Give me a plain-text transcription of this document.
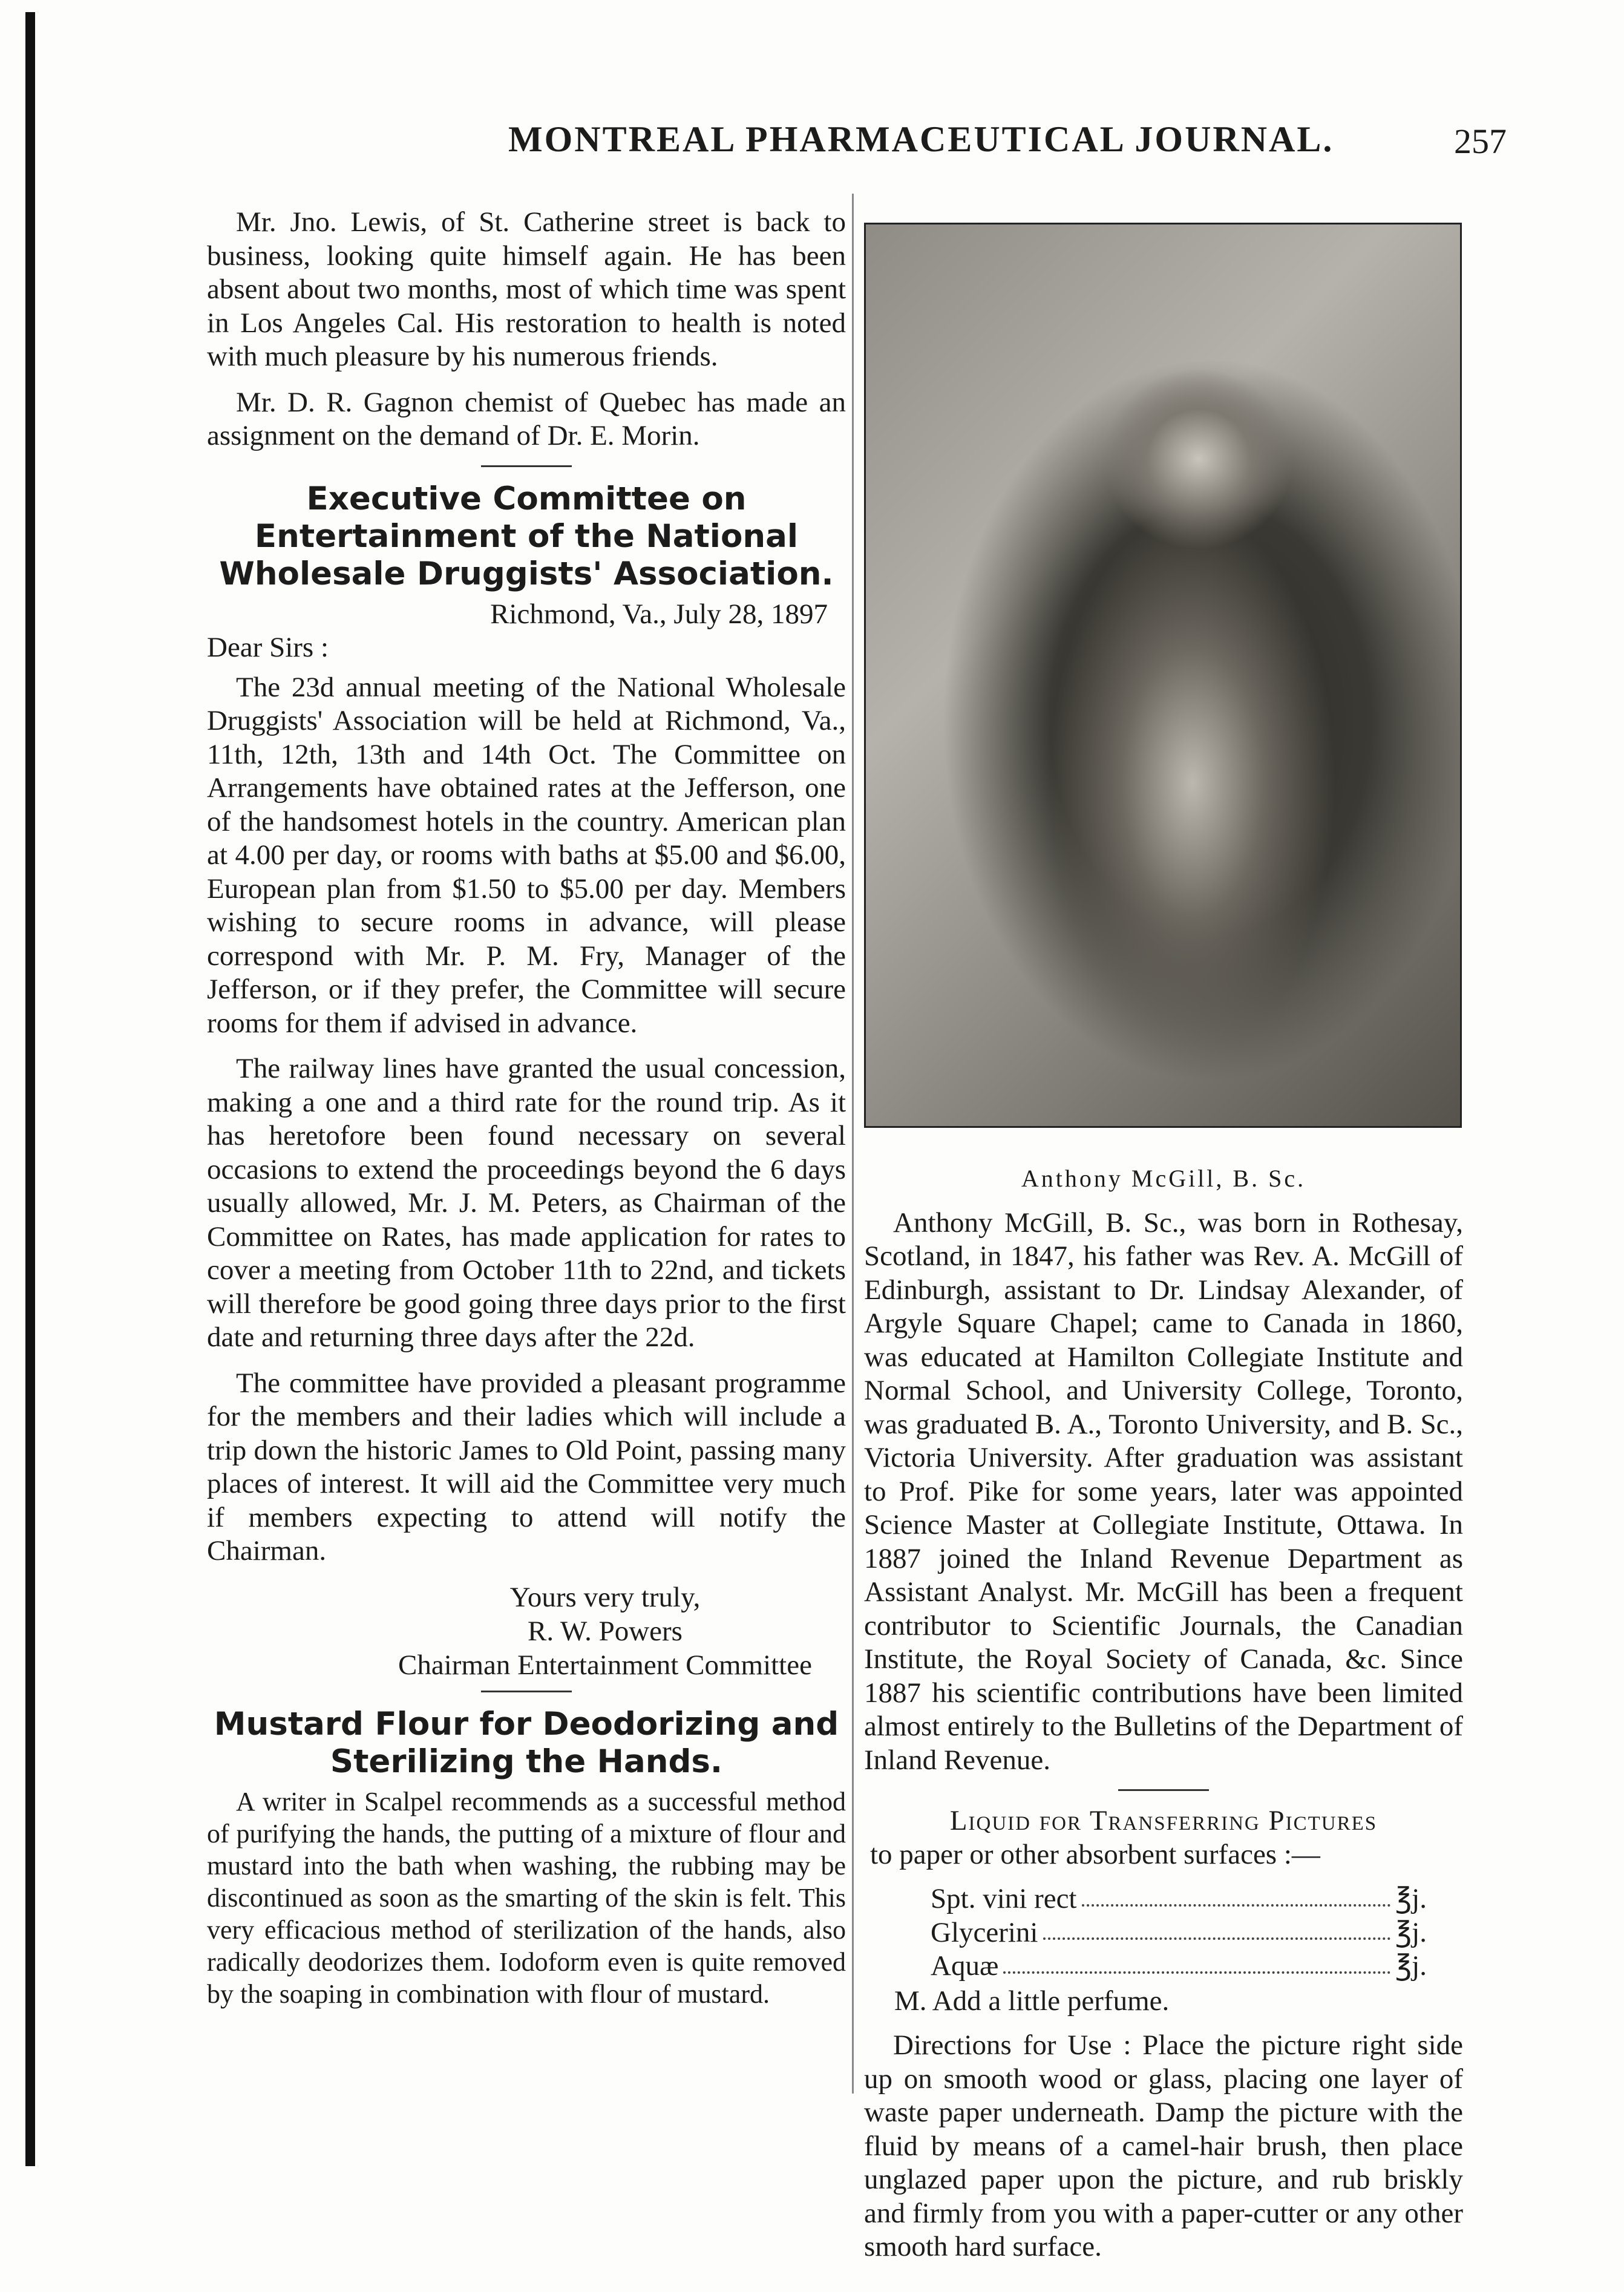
MONTREAL PHARMACEUTICAL JOURNAL.	257

Mr. Jno. Lewis, of St. Catherine street is back to business, looking quite himself again. He has been absent about two months, most of which time was spent in Los Angeles Cal. His restoration to health is noted with much pleasure by his numerous friends.

Mr. D. R. Gagnon chemist of Quebec has made an assignment on the demand of Dr. E. Morin.

Executive Committee on Entertainment of the National Wholesale Druggists' Association.
Richmond, Va., July 28, 1897
Dear Sirs :

The 23d annual meeting of the National Wholesale Druggists' Association will be held at Richmond, Va., 11th, 12th, 13th and 14th Oct. The Committee on Arrangements have obtained rates at the Jefferson, one of the handsomest hotels in the country. American plan at 4.00 per day, or rooms with baths at $5.00 and $6.00, European plan from $1.50 to $5.00 per day. Members wishing to secure rooms in advance, will please correspond with Mr. P. M. Fry, Manager of the Jefferson, or if they prefer, the Committee will secure rooms for them if advised in advance.

The railway lines have granted the usual concession, making a one and a third rate for the round trip. As it has heretofore been found necessary on several occasions to extend the proceedings beyond the 6 days usually allowed, Mr. J. M. Peters, as Chairman of the Committee on Rates, has made application for rates to cover a meeting from October 11th to 22nd, and tickets will therefore be good going three days prior to the first date and returning three days after the 22d.

The committee have provided a pleasant programme for the members and their ladies which will include a trip down the historic James to Old Point, passing many places of interest. It will aid the Committee very much if members expecting to attend will notify the Chairman.

Yours very truly,
R. W. Powers
Chairman Entertainment Committee
Mustard Flour for Deodorizing and Sterilizing the Hands.

A writer in Scalpel recommends as a successful method of purifying the hands, the putting of a mixture of flour and mustard into the bath when washing, the rubbing may be discontinued as soon as the smarting of the skin is felt. This very efficacious method of sterilization of the hands, also radically deodorizes them. Iodoform even is quite removed by the soaping in combination with flour of mustard.

Anthony McGill, B. Sc.

Anthony McGill, B. Sc., was born in Rothesay, Scotland, in 1847, his father was Rev. A. McGill of Edinburgh, assistant to Dr. Lindsay Alexander, of Argyle Square Chapel; came to Canada in 1860, was educated at Hamilton Collegiate Institute and Normal School, and University College, Toronto, was graduated B. A., Toronto University, and B. Sc., Victoria University. After graduation was assistant to Prof. Pike for some years, later was appointed Science Master at Collegiate Institute, Ottawa. In 1887 joined the Inland Revenue Department as Assistant Analyst. Mr. McGill has been a frequent contributor to Scientific Journals, the Canadian Institute, the Royal Society of Canada, &c. Since 1887 his scientific contributions have been limited almost entirely to the Bulletins of the Department of Inland Revenue.

Liquid for Transferring Pictures
to paper or other absorbent surfaces :—
Spt. vini rect	℥j.
Glycerini	℥j.
Aquæ	℥j.
M. Add a little perfume.

Directions for Use : Place the picture right side up on smooth wood or glass, placing one layer of waste paper underneath. Damp the picture with the fluid by means of a camel-hair brush, then place unglazed paper upon the picture, and rub briskly and firmly from you with a paper-cutter or any other smooth hard surface.
